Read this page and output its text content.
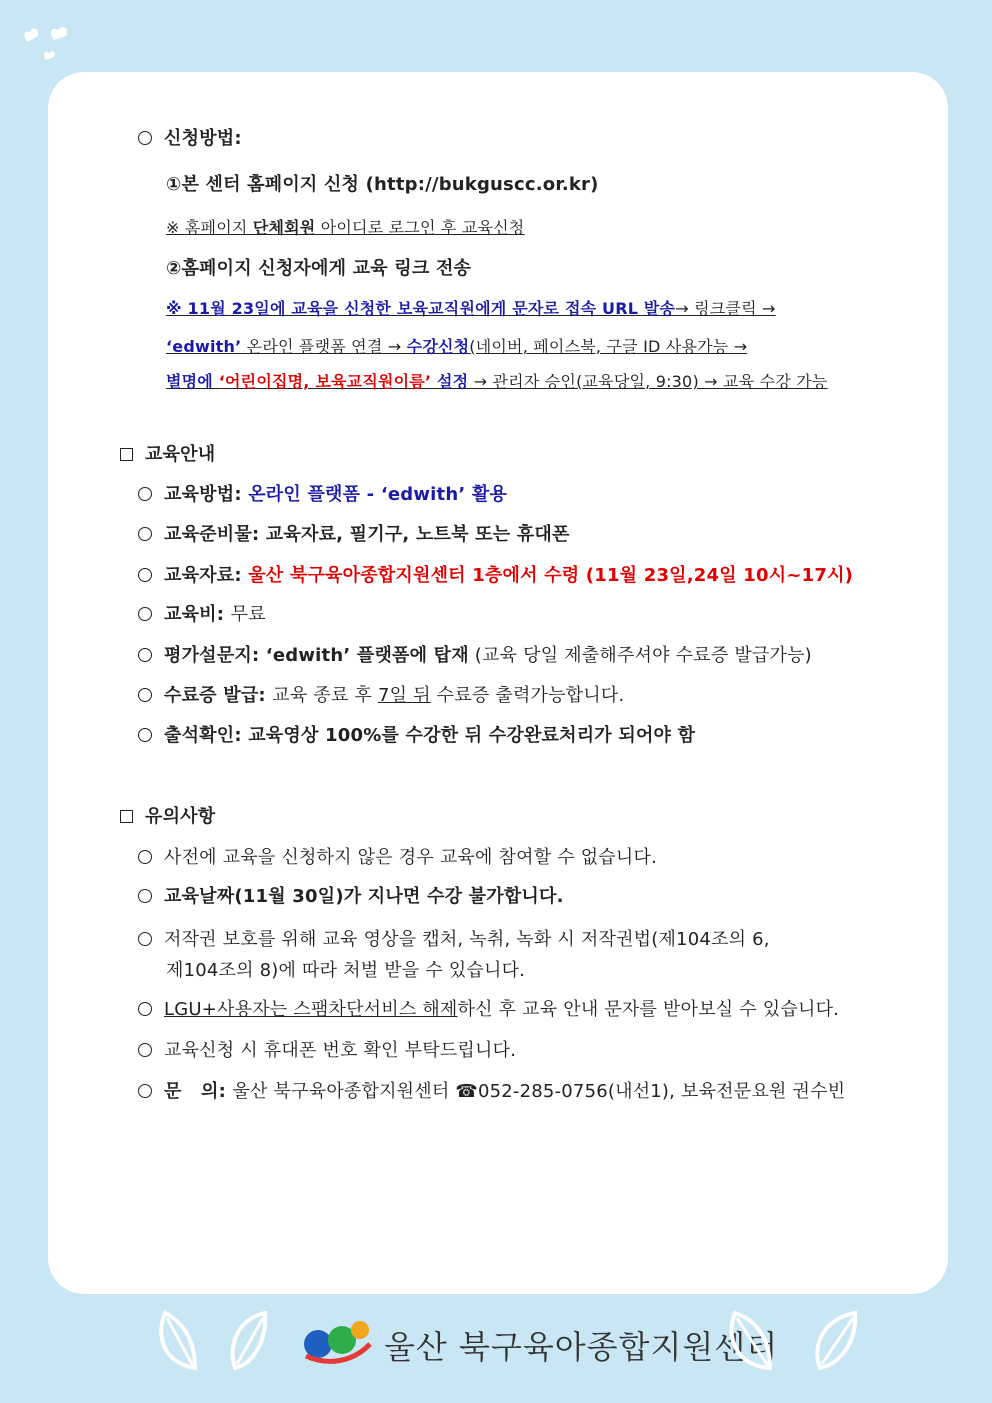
신청방법:
①본 센터 홈페이지 신청 (http://bukguscc.or.kr)
※ 홈페이지 단체회원 아이디로 로그인 후 교육신청
②홈페이지 신청자에게 교육 링크 전송
※ 11월 23일에 교육을 신청한 보육교직원에게 문자로 접속 URL 발송→ 링크클릭 →
‘edwith’ 온라인 플랫폼 연결 → 수강신청(네이버, 페이스북, 구글 ID 사용가능 →
별명에 ‘어린이집명, 보육교직원이름’ 설정 → 관리자 승인(교육당일, 9:30) → 교육 수강 가능
교육안내
교육방법: 온라인 플랫폼 - ‘edwith’ 활용
교육준비물: 교육자료, 필기구, 노트북 또는 휴대폰
교육자료: 울산 북구육아종합지원센터 1층에서 수령 (11월 23일,24일 10시~17시)
교육비: 무료
평가설문지: ‘edwith’ 플랫폼에 탑재 (교육 당일 제출해주셔야 수료증 발급가능)
수료증 발급: 교육 종료 후 7일 뒤 수료증 출력가능합니다.
출석확인: 교육영상 100%를 수강한 뒤 수강완료처리가 되어야 함
유의사항
사전에 교육을 신청하지 않은 경우 교육에 참여할 수 없습니다.
교육날짜(11월 30일)가 지나면 수강 불가합니다.
저작권 보호를 위해 교육 영상을 캡처, 녹취, 녹화 시 저작권법(제104조의 6,
제104조의 8)에 따라 처벌 받을 수 있습니다.
LGU+사용자는 스팸차단서비스 해제하신 후 교육 안내 문자를 받아보실 수 있습니다.
교육신청 시 휴대폰 번호 확인 부탁드립니다.
문   의: 울산 북구육아종합지원센터 ☎052-285-0756(내선1), 보육전문요원 권수빈
울산 북구육아종합지원센터
